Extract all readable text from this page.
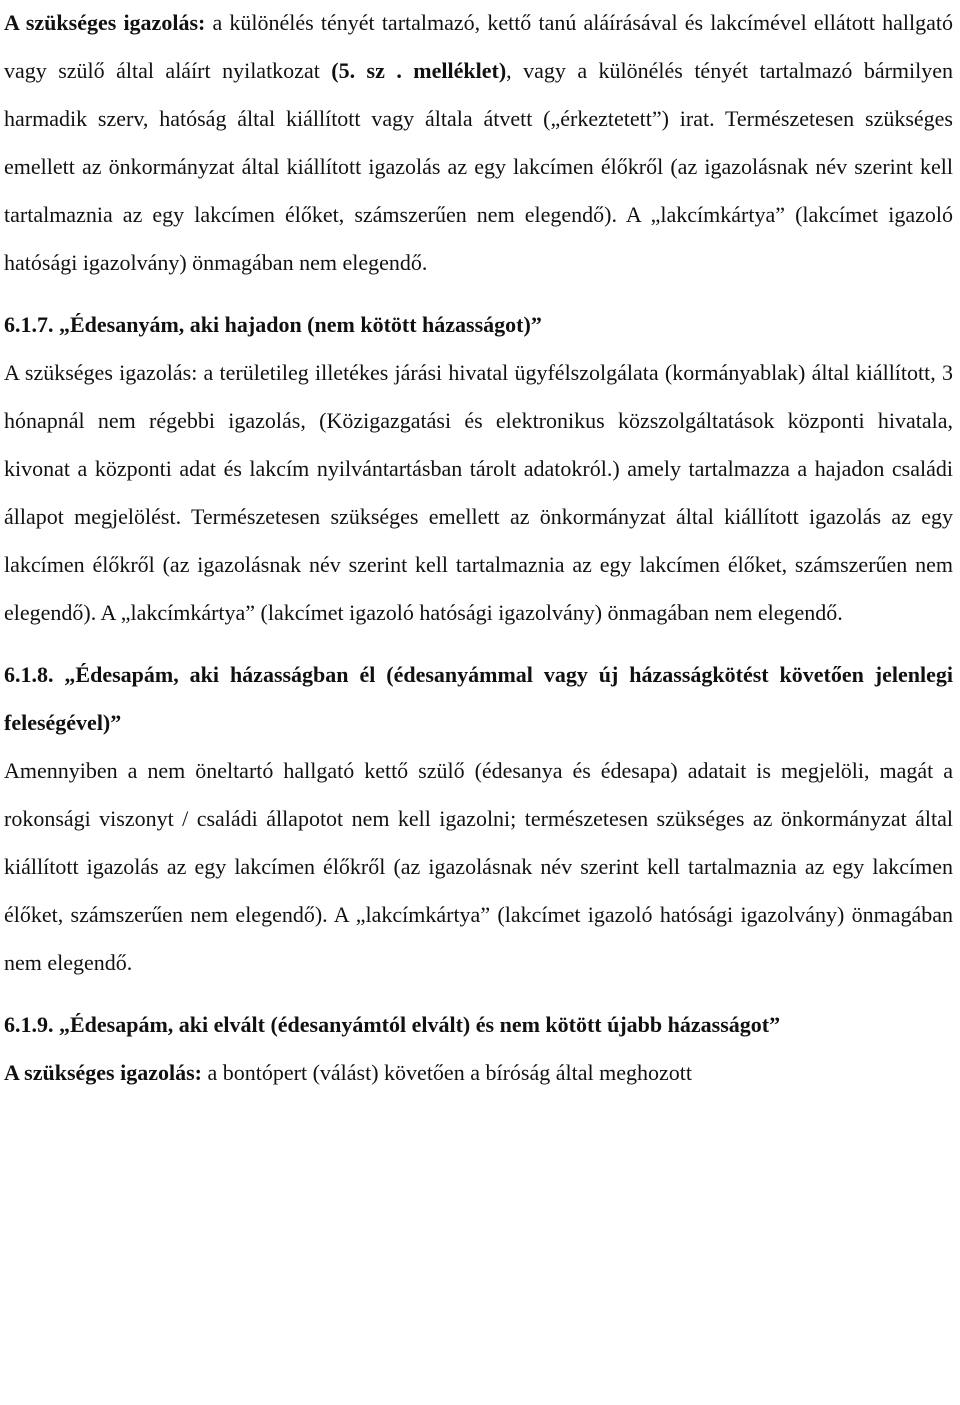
A szükséges igazolás: a különélés tényét tartalmazó, kettő tanú aláírásával és lakcímével ellátott hallgató vagy szülő által aláírt nyilatkozat (5. sz . melléklet), vagy a különélés tényét tartalmazó bármilyen harmadik szerv, hatóság által kiállított vagy általa átvett („érkeztetett”) irat. Természetesen szükséges emellett az önkormányzat által kiállított igazolás az egy lakcímen élőkről (az igazolásnak név szerint kell tartalmaznia az egy lakcímen élőket, számszerűen nem elegendő). A „lakcímkártya” (lakcímet igazoló hatósági igazolvány) önmagában nem elegendő.

6.1.7. „Édesanyám, aki hajadon (nem kötött házasságot)”

A szükséges igazolás: a területileg illetékes járási hivatal ügyfélszolgálata (kormányablak) által kiállított, 3 hónapnál nem régebbi igazolás, (Közigazgatási és elektronikus közszolgáltatások központi hivatala, kivonat a központi adat és lakcím nyilvántartásban tárolt adatokról.) amely tartalmazza a hajadon családi állapot megjelölést. Természetesen szükséges emellett az önkormányzat által kiállított igazolás az egy lakcímen élőkről (az igazolásnak név szerint kell tartalmaznia az egy lakcímen élőket, számszerűen nem elegendő). A „lakcímkártya” (lakcímet igazoló hatósági igazolvány) önmagában nem elegendő.

6.1.8. „Édesapám, aki házasságban él (édesanyámmal vagy új házasságkötést követően jelenlegi feleségével)”

Amennyiben a nem öneltartó hallgató kettő szülő (édesanya és édesapa) adatait is megjelöli, magát a rokonsági viszonyt / családi állapotot nem kell igazolni; természetesen szükséges az önkormányzat által kiállított igazolás az egy lakcímen élőkről (az igazolásnak név szerint kell tartalmaznia az egy lakcímen élőket, számszerűen nem elegendő). A „lakcímkártya” (lakcímet igazoló hatósági igazolvány) önmagában nem elegendő.

6.1.9. „Édesapám, aki elvált (édesanyámtól elvált) és nem kötött újabb házasságot”

A szükséges igazolás: a bontópert (válást) követően a bíróság által meghozott
